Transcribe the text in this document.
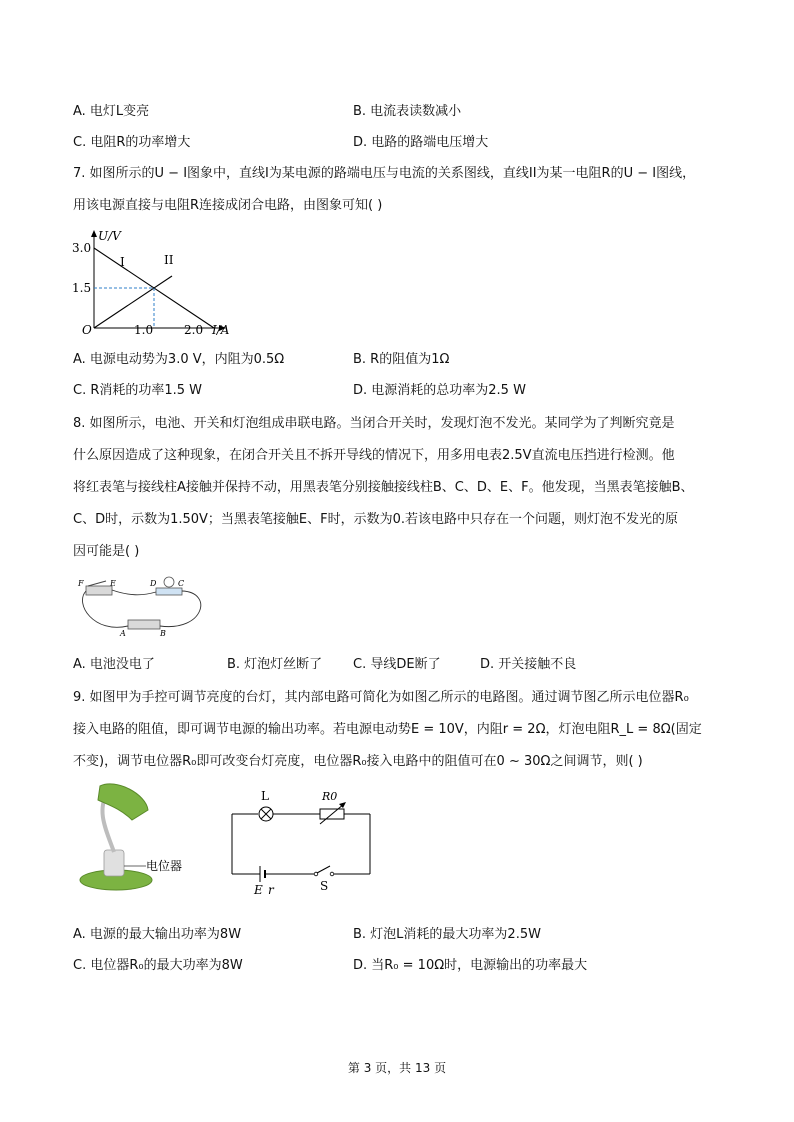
A. 电灯L变亮	B. 电流表读数减小
C. 电阻R的功率增大	D. 电路的路端电压增大
7. 如图所示的U − I图象中，直线I为某电源的路端电压与电流的关系图线，直线II为某一电阻R的U − I图线，
用该电源直接与电阻R连接成闭合电路，由图象可知( )
U/V
I/A
3.0
1.5
O	1.0	2.0
I	II
A. 电源电动势为3.0 V，内阻为0.5Ω	B. R的阻值为1Ω
C. R消耗的功率1.5 W	D. 电源消耗的总功率为2.5 W
8. 如图所示，电池、开关和灯泡组成串联电路。当闭合开关时，发现灯泡不发光。某同学为了判断究竟是
什么原因造成了这种现象，在闭合开关且不拆开导线的情况下，用多用电表2.5V直流电压挡进行检测。他
将红表笔与接线柱A接触并保持不动，用黑表笔分别接触接线柱B、C、D、E、F。他发现，当黑表笔接触B、
C、D时，示数为1.50V；当黑表笔接触E、F时，示数为0.若该电路中只存在一个问题，则灯泡不发光的原
因可能是( )
F	E	D	C
A	B
A. 电池没电了	B. 灯泡灯丝断了 C. 导线DE断了	D. 开关接触不良
9. 如图甲为手控可调节亮度的台灯，其内部电路可简化为如图乙所示的电路图。通过调节图乙所示电位器R₀
接入电路的阻值，即可调节电源的输出功率。若电源电动势E = 10V，内阻r = 2Ω，灯泡电阻R_L = 8Ω(固定
不变)，调节电位器R₀即可改变台灯亮度，电位器R₀接入电路中的阻值可在0 ~ 30Ω之间调节，则( )
电位器
L	R0
E r	S
A. 电源的最大输出功率为8W	B. 灯泡L消耗的最大功率为2.5W
C. 电位器R₀的最大功率为8W	D. 当R₀ = 10Ω时，电源输出的功率最大
第 3 页，共 13 页
